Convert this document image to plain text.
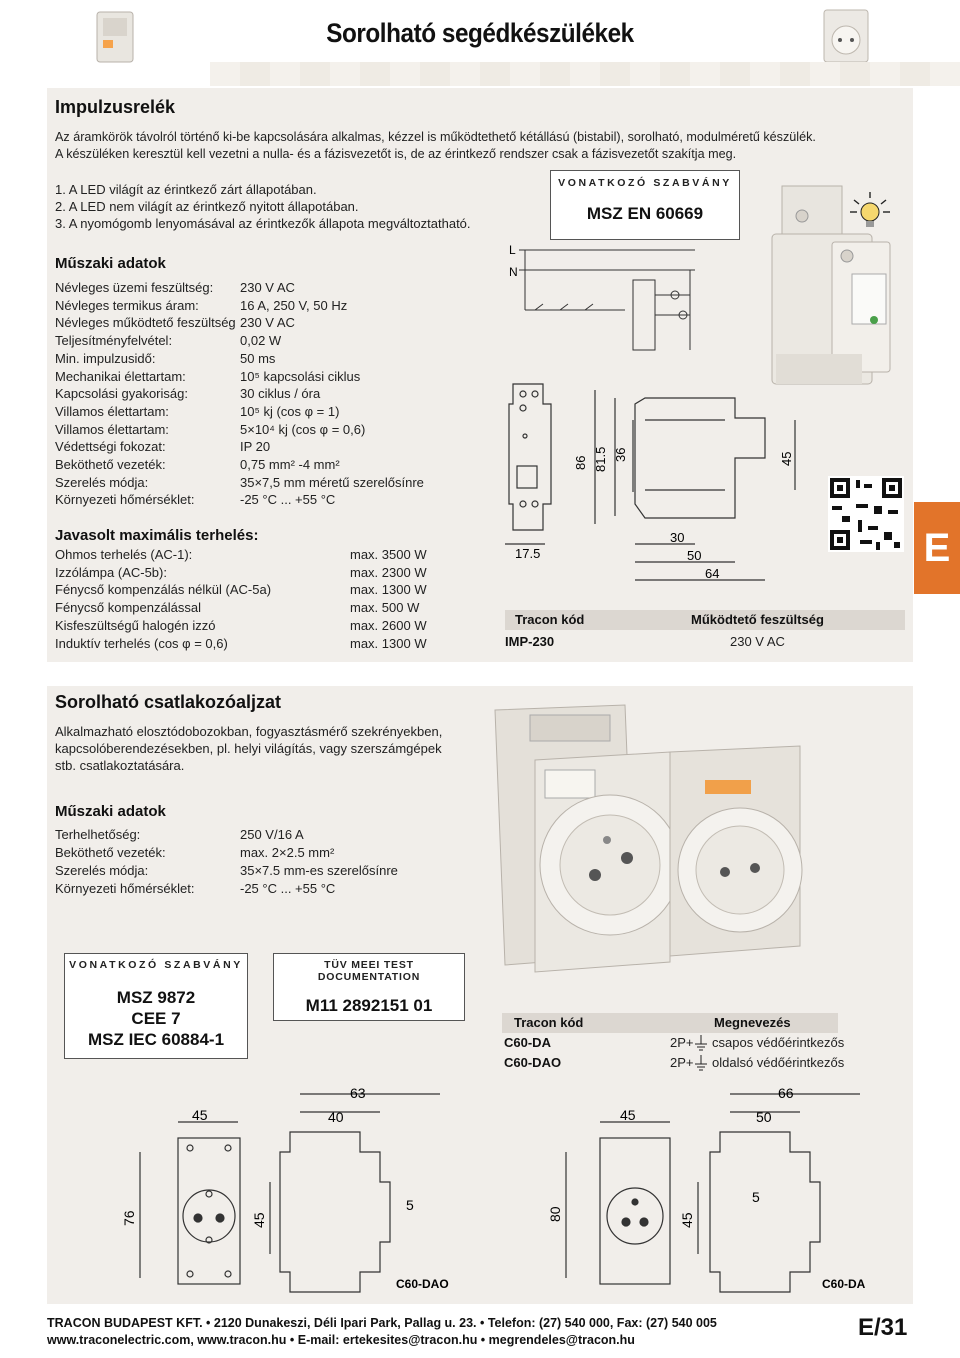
Sorolható segédkészülékek
Impulzusrelék
Az áramkörök távolról történő ki-be kapcsolására alkalmas, kézzel is működtethető kétállású (bistabil), sorolható, modulméretű készülék.
A készüléken keresztül kell vezetni a nulla- és a fázisvezetőt is, de az érintkező rendszer csak a fázisvezetőt szakítja meg.
1. A LED világít az érintkező zárt állapotában.
2. A LED nem világít az érintkező nyitott állapotában.
3. A nyomógomb lenyomásával az érintkezők állapota megváltoztatható.
VONATKOZÓ SZABVÁNY
MSZ EN 60669
Műszaki adatok
Névleges üzemi feszültség: 230 V AC
Névleges termikus áram:	16 A, 250 V, 50 Hz
Névleges működtető feszültség 230 V AC
Teljesítményfelvétel:	0,02 W
Min. impulzusidő:	50 ms
Mechanikai élettartam:	10⁵ kapcsolási ciklus
Kapcsolási gyakoriság:	30 ciklus / óra
Villamos élettartam:	10⁵ kj (cos φ = 1)
Villamos élettartam:	5×10⁴ kj (cos φ = 0,6)
Védettségi fokozat:	IP 20
Beköthető vezeték:	0,75 mm² -4 mm²
Szerelés módja:	35×7,5 mm méretű szerelősínre
Környezeti hőmérséklet:	-25 °C ... +55 °C
Javasolt maximális terhelés:
Ohmos terhelés (AC-1):	max. 3500 W
Izzólámpa (AC-5b):	max. 2300 W
Fénycső kompenzálás nélkül (AC-5a)	max. 1300 W
Fénycső kompenzálással	max. 500 W
Kisfeszültségű halogén izzó	max. 2600 W
Induktív terhelés (cos φ = 0,6)	max. 1300 W
L
N
86 81.5 36	45
17.5
30
50
64
Tracon kód	Működtető feszültség
IMP-230	230 V AC
Sorolható csatlakozóaljzat
Alkalmazható elosztódobozokban, fogyasztásmérő szekrényekben,
kapcsolóberendezésekben, pl. helyi világítás, vagy szerszámgépek
stb. csatlakoztatására.
Műszaki adatok
Terhelhetőség:	250 V/16 A
Beköthető vezeték:	max. 2×2.5 mm²
Szerelés módja:	35×7.5 mm-es szerelősínre
Környezeti hőmérséklet:	-25 °C ... +55 °C
VONATKOZÓ SZABVÁNY
MSZ 9872
CEE 7
MSZ IEC 60884-1
TÜV MEEI TEST DOCUMENTATION
M11 2892151 01
Tracon kód	Megnevezés
C60-DA	2P+ csapos védőérintkezős
C60-DAO	2P+ oldalsó védőérintkezős
45	40
63
76	45
5
C60-DAO
45	50
66
80	45
5
C60-DA
E
TRACON BUDAPEST KFT. • 2120 Dunakeszi, Déli Ipari Park, Pallag u. 23. • Telefon: (27) 540 000, Fax: (27) 540 005
www.traconelectric.com, www.tracon.hu • E-mail: ertekesites@tracon.hu • megrendeles@tracon.hu	E/31
